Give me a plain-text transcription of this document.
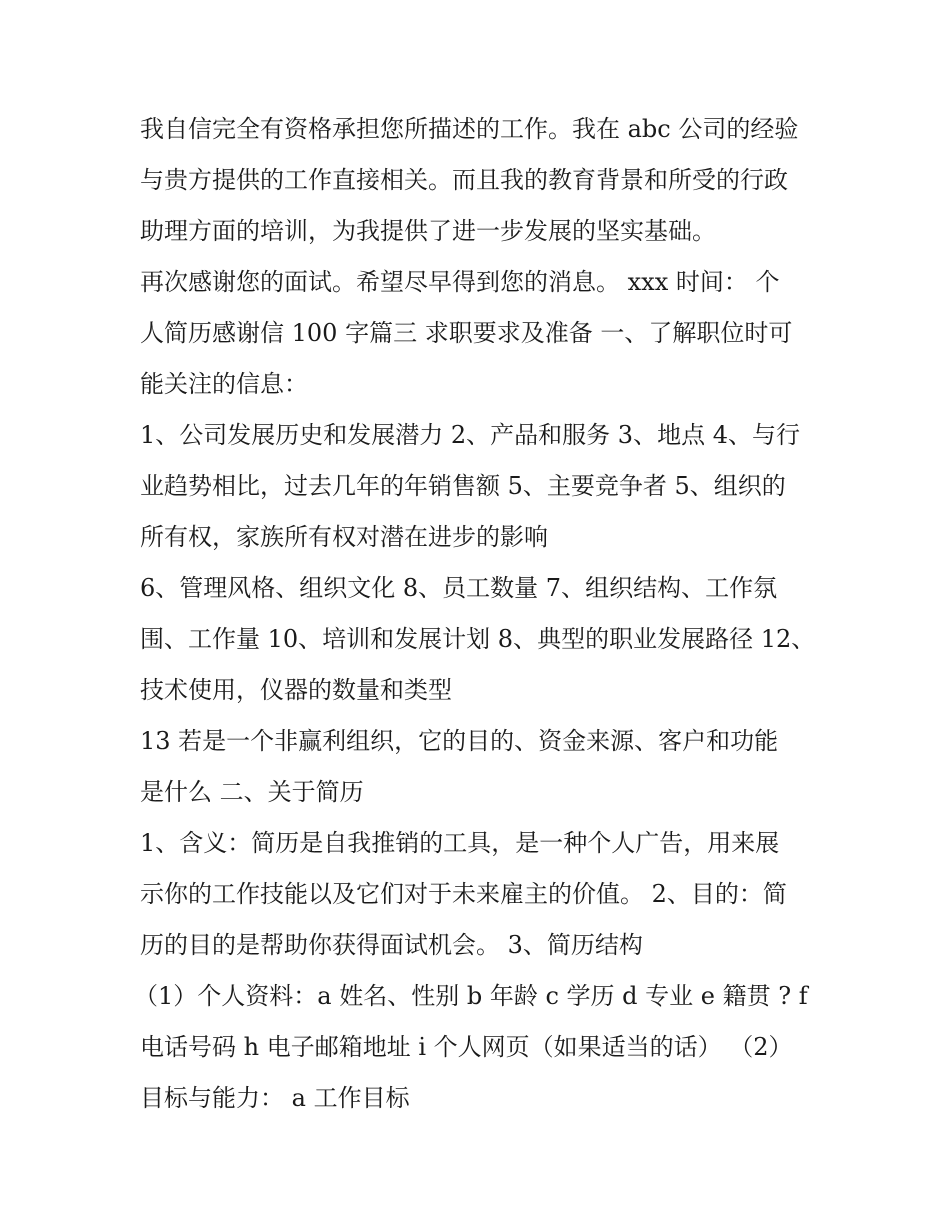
我自信完全有资格承担您所描述的工作。我在 abc 公司的经验
与贵方提供的工作直接相关。而且我的教育背景和所受的行政
助理方面的培训，为我提供了进一步发展的坚实基础。
再次感谢您的面试。希望尽早得到您的消息。 xxx 时间： 个
人简历感谢信 100 字篇三 求职要求及准备 一、了解职位时可
能关注的信息：
1、公司发展历史和发展潜力 2、产品和服务 3、地点 4、与行
业趋势相比，过去几年的年销售额 5、主要竞争者 5、组织的
所有权，家族所有权对潜在进步的影响
6、管理风格、组织文化 8、员工数量 7、组织结构、工作氛
围、工作量 10、培训和发展计划 8、典型的职业发展路径 12、
技术使用，仪器的数量和类型
13 若是一个非赢利组织，它的目的、资金来源、客户和功能
是什么 二、关于简历
1、含义：简历是自我推销的工具，是一种个人广告，用来展
示你的工作技能以及它们对于未来雇主的价值。 2、目的：简
历的目的是帮助你获得面试机会。 3、简历结构
（1）个人资料：a 姓名、性别 b 年龄 c 学历 d 专业 e 籍贯 ? f
电话号码 h 电子邮箱地址 i 个人网页（如果适当的话） （2）
目标与能力： a 工作目标
